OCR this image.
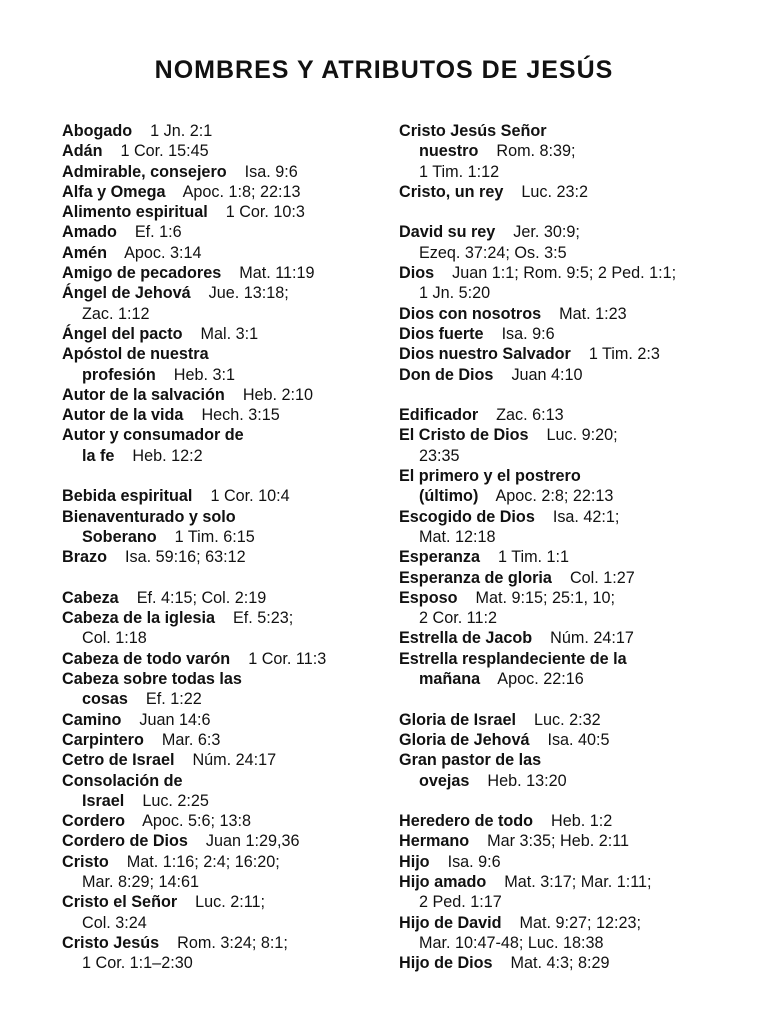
NOMBRES Y ATRIBUTOS DE JESÚS
Abogado 1 Jn. 2:1
Adán 1 Cor. 15:45
Admirable, consejero Isa. 9:6
Alfa y Omega Apoc. 1:8; 22:13
Alimento espiritual 1 Cor. 10:3
Amado Ef. 1:6
Amén Apoc. 3:14
Amigo de pecadores Mat. 11:19
Ángel de Jehová Jue. 13:18;
Zac. 1:12
Ángel del pacto Mal. 3:1
Apóstol de nuestra
profesión Heb. 3:1
Autor de la salvación Heb. 2:10
Autor de la vida Hech. 3:15
Autor y consumador de
la fe Heb. 12:2
Bebida espiritual 1 Cor. 10:4
Bienaventurado y solo
Soberano 1 Tim. 6:15
Brazo Isa. 59:16; 63:12
Cabeza Ef. 4:15; Col. 2:19
Cabeza de la iglesia Ef. 5:23;
Col. 1:18
Cabeza de todo varón 1 Cor. 11:3
Cabeza sobre todas las
cosas Ef. 1:22
Camino Juan 14:6
Carpintero Mar. 6:3
Cetro de Israel Núm. 24:17
Consolación de
Israel Luc. 2:25
Cordero Apoc. 5:6; 13:8
Cordero de Dios Juan 1:29,36
Cristo Mat. 1:16; 2:4; 16:20;
Mar. 8:29; 14:61
Cristo el Señor Luc. 2:11;
Col. 3:24
Cristo Jesús Rom. 3:24; 8:1;
1 Cor. 1:1–2:30
Cristo Jesús Señor
nuestro Rom. 8:39;
1 Tim. 1:12
Cristo, un rey Luc. 23:2
David su rey Jer. 30:9;
Ezeq. 37:24; Os. 3:5
Dios Juan 1:1; Rom. 9:5; 2 Ped. 1:1;
1 Jn. 5:20
Dios con nosotros Mat. 1:23
Dios fuerte Isa. 9:6
Dios nuestro Salvador 1 Tim. 2:3
Don de Dios Juan 4:10
Edificador Zac. 6:13
El Cristo de Dios Luc. 9:20;
23:35
El primero y el postrero
(último) Apoc. 2:8; 22:13
Escogido de Dios Isa. 42:1;
Mat. 12:18
Esperanza 1 Tim. 1:1
Esperanza de gloria Col. 1:27
Esposo Mat. 9:15; 25:1, 10;
2 Cor. 11:2
Estrella de Jacob Núm. 24:17
Estrella resplandeciente de la
mañana Apoc. 22:16
Gloria de Israel Luc. 2:32
Gloria de Jehová Isa. 40:5
Gran pastor de las
ovejas Heb. 13:20
Heredero de todo Heb. 1:2
Hermano Mar 3:35; Heb. 2:11
Hijo Isa. 9:6
Hijo amado Mat. 3:17; Mar. 1:11;
2 Ped. 1:17
Hijo de David Mat. 9:27; 12:23;
Mar. 10:47-48; Luc. 18:38
Hijo de Dios Mat. 4:3; 8:29
